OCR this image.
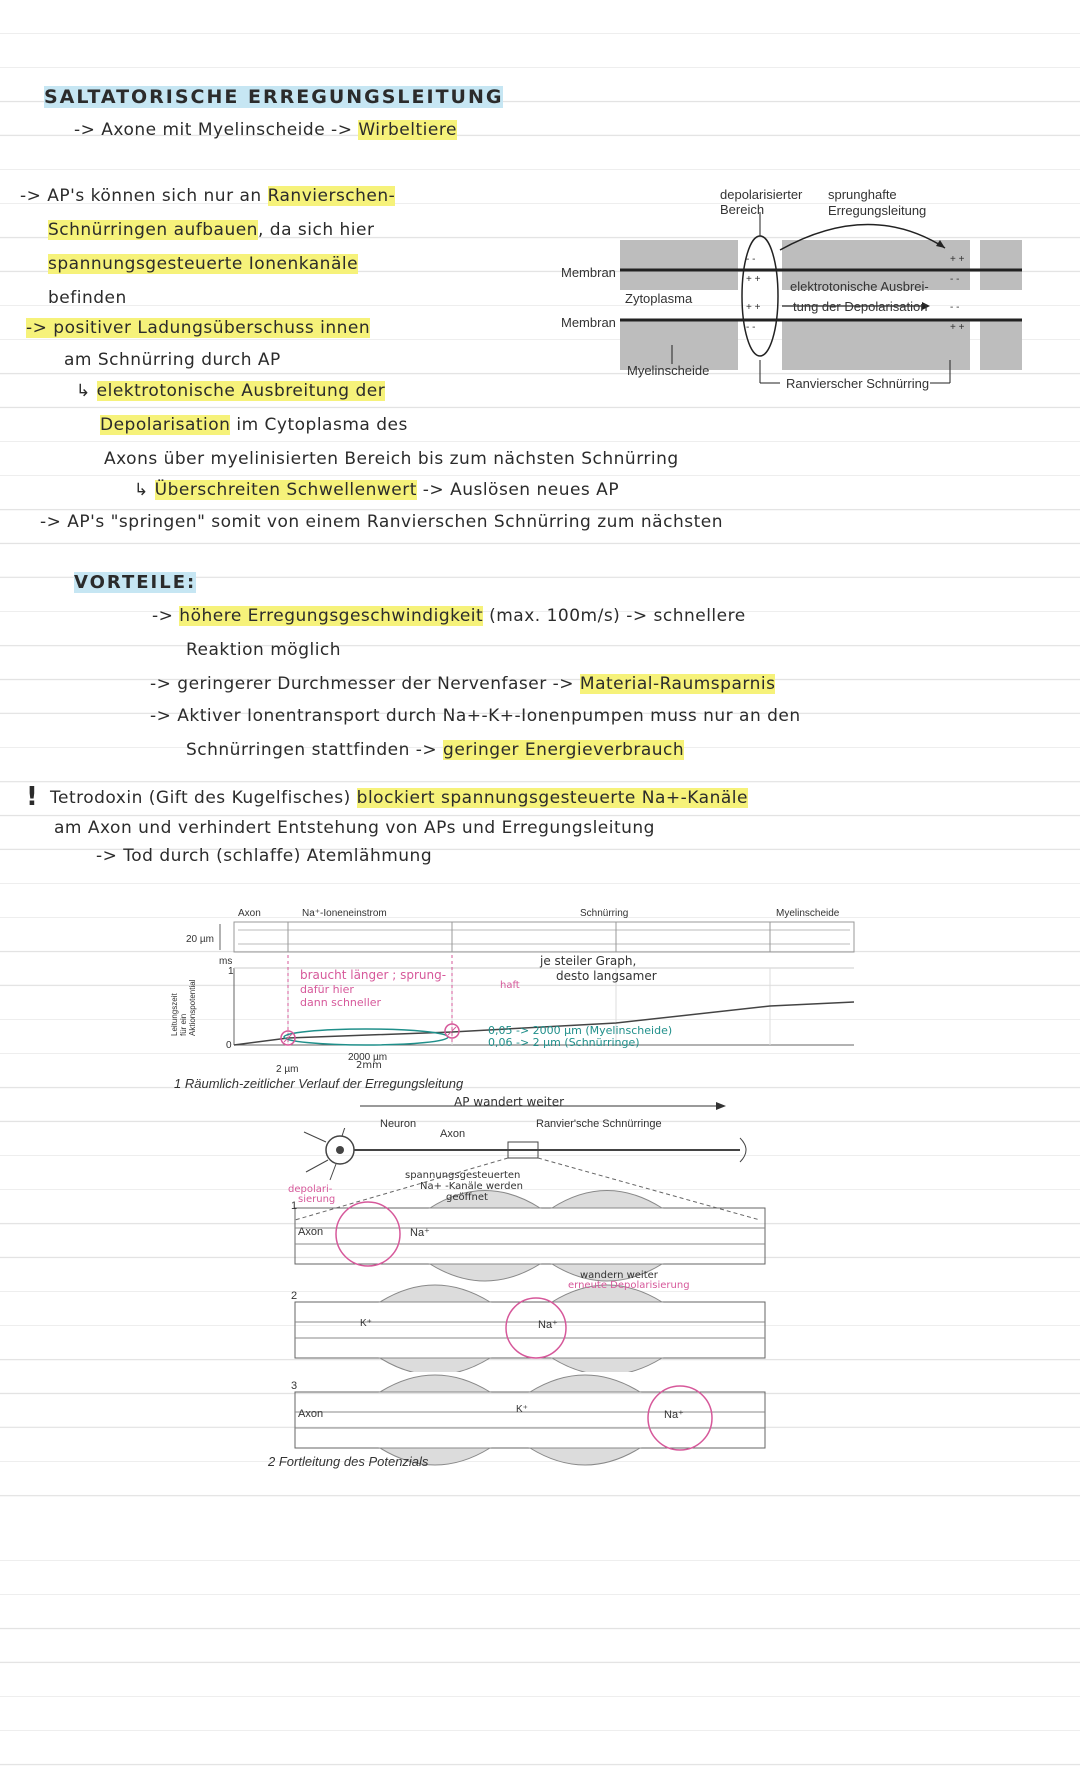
SALTATORISCHE ERREGUNGSLEITUNG
-> Axone mit Myelinscheide -> Wirbeltiere
-> AP's können sich nur an Ranvierschen-
Schnürringen aufbauen, da sich hier
spannungsgesteuerte Ionenkanäle
befinden
-> positiver Ladungsüberschuss innen
am Schnürring durch AP
↳ elektrotonische Ausbreitung der
Depolarisation im Cytoplasma des
Axons über myelinisierten Bereich bis zum nächsten Schnürring
↳ Überschreiten Schwellenwert -> Auslösen neues AP
-> AP's "springen" somit von einem Ranvierschen Schnürring zum nächsten
depolarisierter
Bereich
sprunghafte
Erregungsleitung
Membran
Membran
Zytoplasma
elektrotonische Ausbrei-
tung der Depolarisation
Myelinscheide
Ranvierscher Schnürring
+ +
+ +
- -
- -
+ +
- -
- -
+ +
VORTEILE:
-> höhere Erregungsgeschwindigkeit (max. 100m/s) -> schnellere
Reaktion möglich
-> geringerer Durchmesser der Nervenfaser -> Material-Raumsparnis
-> Aktiver Ionentransport durch Na+-K+-Ionenpumpen muss nur an den
Schnürringen stattfinden -> geringer Energieverbrauch
! Tetrodoxin (Gift des Kugelfisches) blockiert spannungsgesteuerte Na+-Kanäle
am Axon und verhindert Entstehung von APs und Erregungsleitung
-> Tod durch (schlaffe) Atemlähmung
Axon	Na⁺-Ioneneinstrom	Schnürring	Myelinscheide
20 µm
ms
1
0
Leitungszeit für ein Aktionspotential
2 µm
2000 µm
2mm
1 Räumlich-zeitlicher Verlauf der Erregungsleitung
je steiler Graph,
desto langsamer
braucht länger ; sprung-
haft
dafür hier
dann schneller
0,05 -> 2000 µm (Myelinscheide)
0,06 -> 2 µm (Schnürringe)
AP wandert weiter
Neuron
Axon
Ranvier'sche Schnürringe
depolari-
sierung
spannungsgesteuerten
Na+ -Kanäle werden
geöffnet
1
Axon	Na⁺
wandern weiter
erneute Depolarisierung
2
K⁺	Na⁺
3
Axon	K⁺	Na⁺
2 Fortleitung des Potenzials
